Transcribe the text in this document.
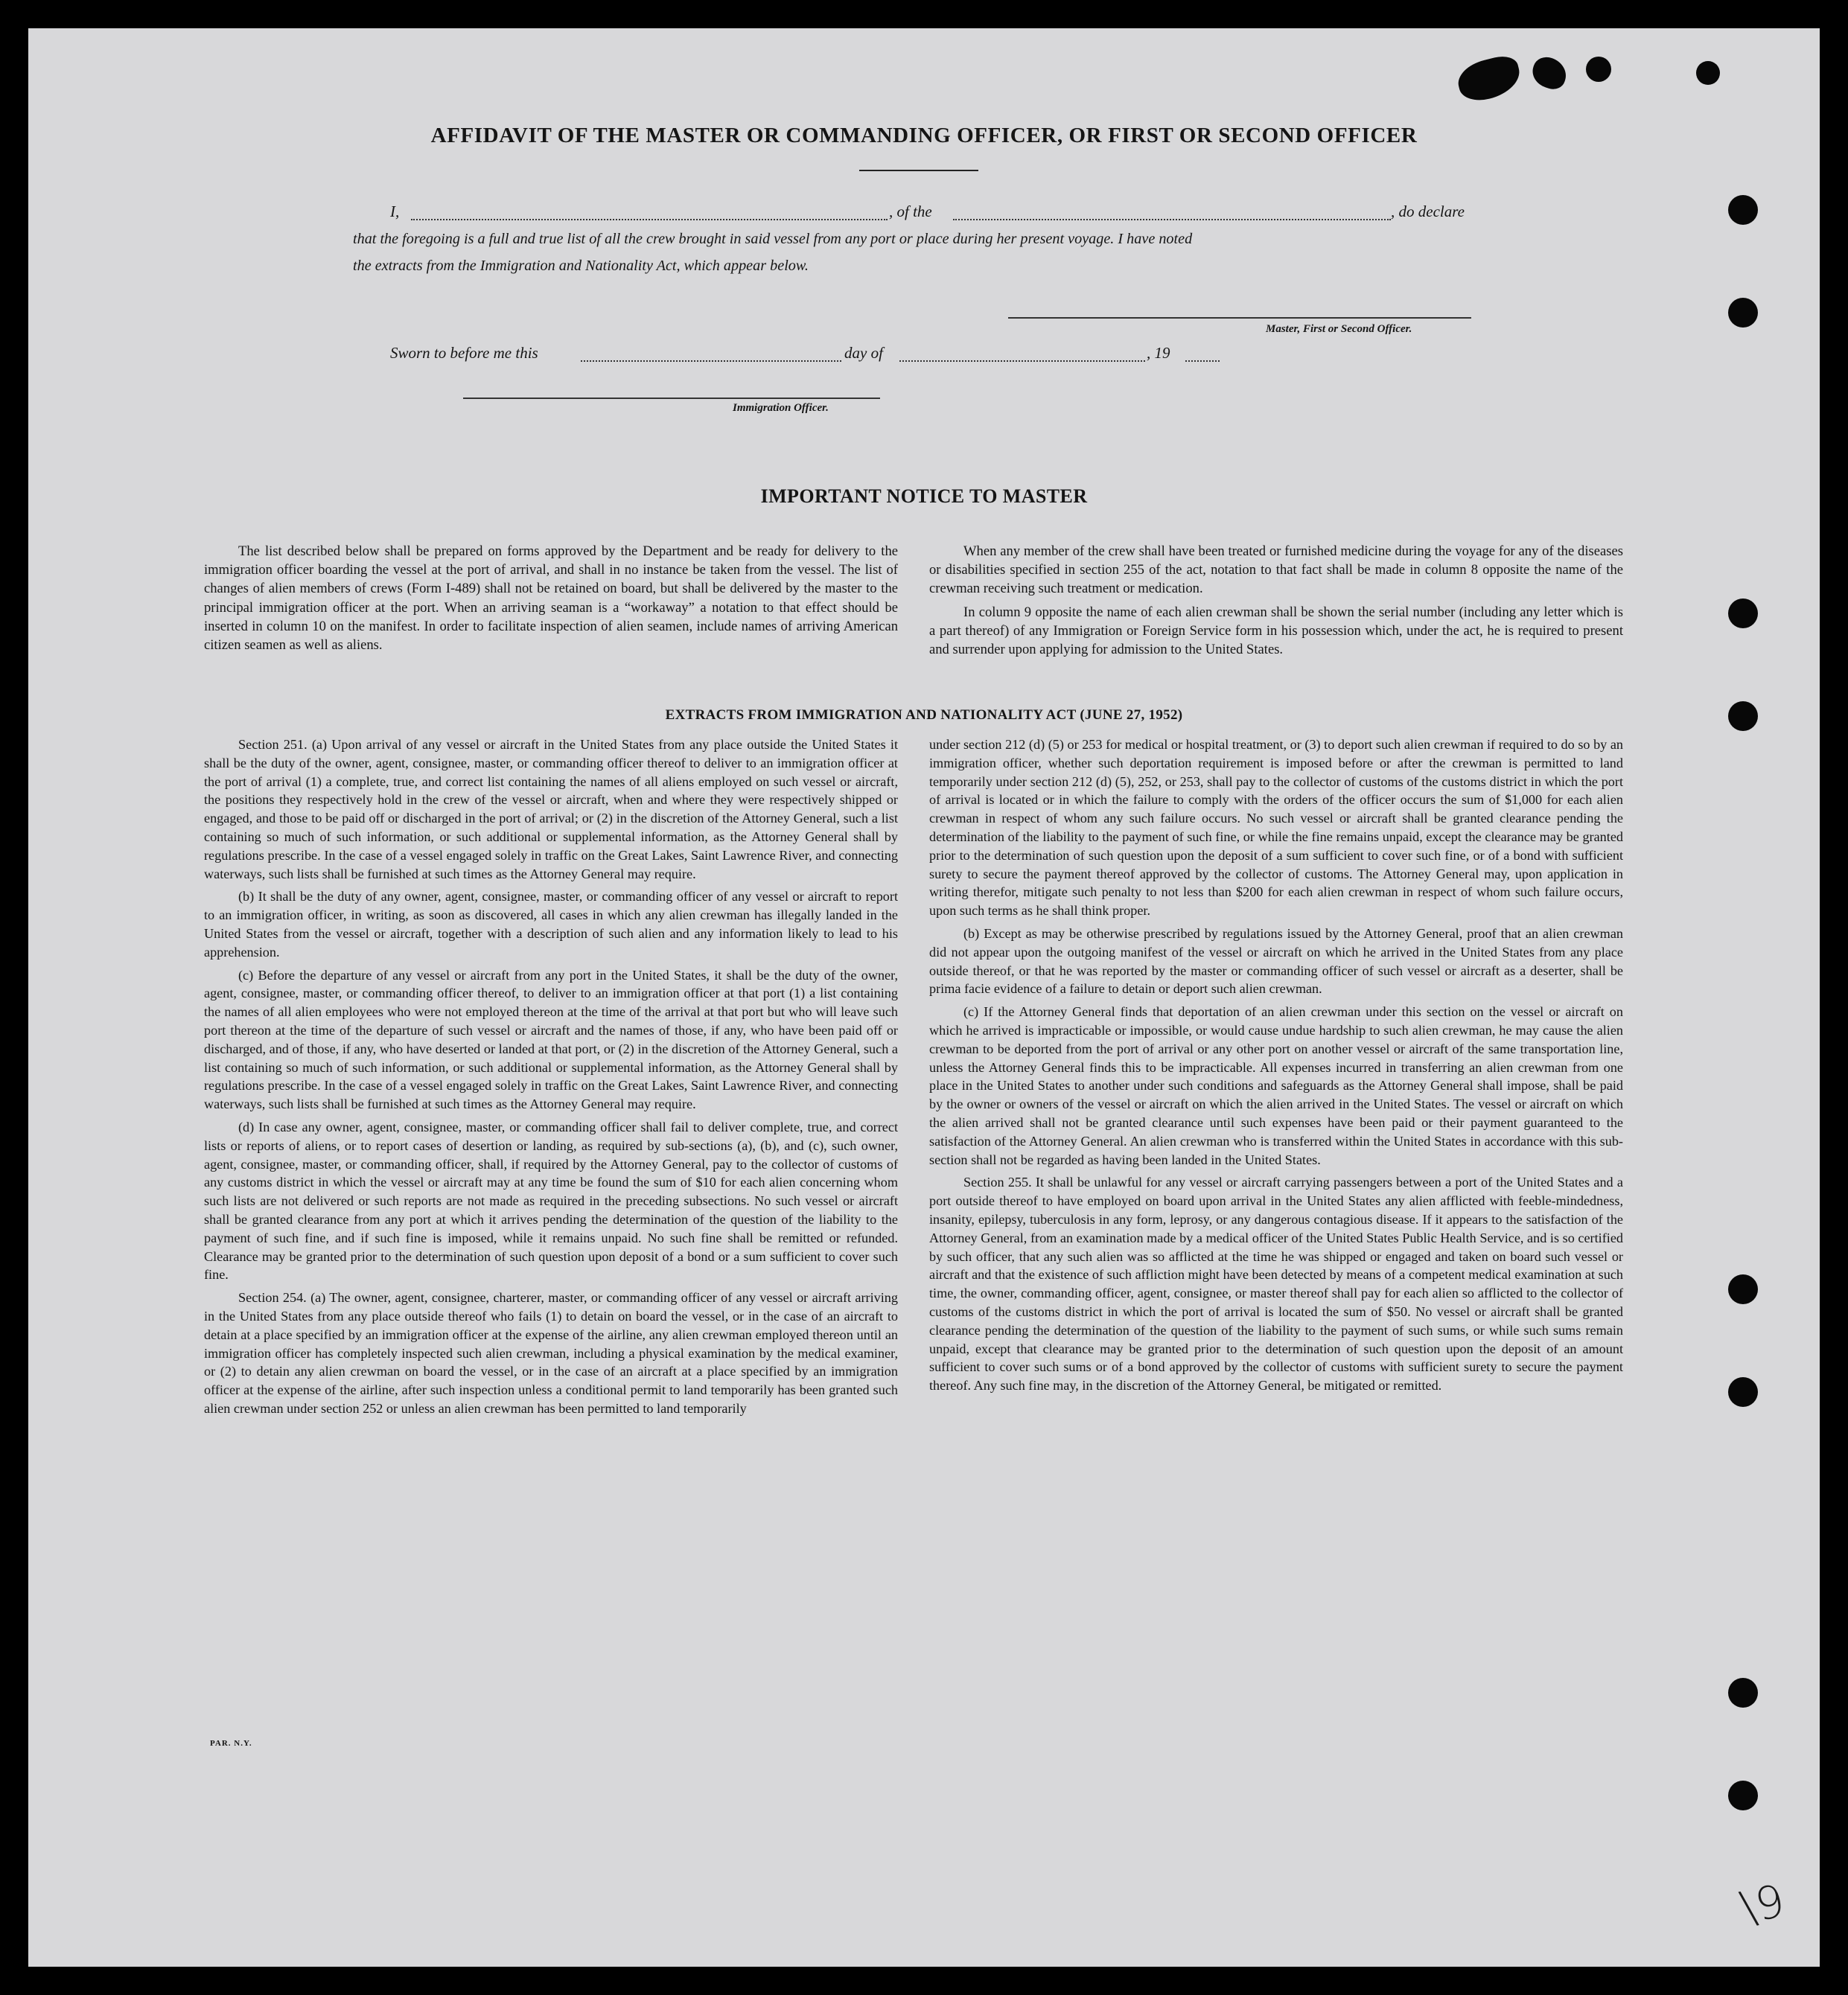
AFFIDAVIT OF THE MASTER OR COMMANDING OFFICER, OR FIRST OR SECOND OFFICER
I,	, of the	, do declare
that the foregoing is a full and true list of all the crew brought in said vessel from any port or place during her present voyage. I have noted
the extracts from the Immigration and Nationality Act, which appear below.
Master, First or Second Officer.
Sworn to before me this	day of	, 19
Immigration Officer.
IMPORTANT NOTICE TO MASTER

The list described below shall be prepared on forms approved by the Department and be ready for delivery to the immigration officer boarding the vessel at the port of arrival, and shall in no instance be taken from the vessel. The list of changes of alien members of crews (Form I-489) shall not be retained on board, but shall be delivered by the master to the principal immigration officer at the port. When an arriving seaman is a “workaway” a notation to that effect should be inserted in column 10 on the manifest. In order to facilitate inspection of alien seamen, include names of arriving American citizen seamen as well as aliens.

When any member of the crew shall have been treated or furnished medicine during the voyage for any of the diseases or disabilities specified in section 255 of the act, notation to that fact shall be made in column 8 opposite the name of the crewman receiving such treatment or medication.

In column 9 opposite the name of each alien crewman shall be shown the serial number (including any letter which is a part thereof) of any Immigration or Foreign Service form in his possession which, under the act, he is required to present and surrender upon applying for admission to the United States.

EXTRACTS FROM IMMIGRATION AND NATIONALITY ACT (JUNE 27, 1952)

Section 251. (a) Upon arrival of any vessel or aircraft in the United States from any place outside the United States it shall be the duty of the owner, agent, consignee, master, or commanding officer thereof to deliver to an immigration officer at the port of arrival (1) a complete, true, and correct list containing the names of all aliens employed on such vessel or aircraft, the positions they respectively hold in the crew of the vessel or aircraft, when and where they were respectively shipped or engaged, and those to be paid off or discharged in the port of arrival; or (2) in the discretion of the Attorney General, such a list containing so much of such information, or such additional or supplemental information, as the Attorney General shall by regulations prescribe. In the case of a vessel engaged solely in traffic on the Great Lakes, Saint Lawrence River, and connecting waterways, such lists shall be furnished at such times as the Attorney General may require.

(b) It shall be the duty of any owner, agent, consignee, master, or commanding officer of any vessel or aircraft to report to an immigration officer, in writing, as soon as discovered, all cases in which any alien crewman has illegally landed in the United States from the vessel or aircraft, together with a description of such alien and any information likely to lead to his apprehension.

(c) Before the departure of any vessel or aircraft from any port in the United States, it shall be the duty of the owner, agent, consignee, master, or commanding officer thereof, to deliver to an immigration officer at that port (1) a list containing the names of all alien employees who were not employed thereon at the time of the arrival at that port but who will leave such port thereon at the time of the departure of such vessel or aircraft and the names of those, if any, who have been paid off or discharged, and of those, if any, who have deserted or landed at that port, or (2) in the discretion of the Attorney General, such a list containing so much of such information, or such additional or supplemental information, as the Attorney General shall by regulations prescribe. In the case of a vessel engaged solely in traffic on the Great Lakes, Saint Lawrence River, and connecting waterways, such lists shall be furnished at such times as the Attorney General may require.

(d) In case any owner, agent, consignee, master, or commanding officer shall fail to deliver complete, true, and correct lists or reports of aliens, or to report cases of desertion or landing, as required by sub-sections (a), (b), and (c), such owner, agent, consignee, master, or commanding officer, shall, if required by the Attorney General, pay to the collector of customs of any customs district in which the vessel or aircraft may at any time be found the sum of $10 for each alien concerning whom such lists are not delivered or such reports are not made as required in the preceding subsections. No such vessel or aircraft shall be granted clearance from any port at which it arrives pending the determination of the question of the liability to the payment of such fine, and if such fine is imposed, while it remains unpaid. No such fine shall be remitted or refunded. Clearance may be granted prior to the determination of such question upon deposit of a bond or a sum sufficient to cover such fine.

Section 254. (a) The owner, agent, consignee, charterer, master, or commanding officer of any vessel or aircraft arriving in the United States from any place outside thereof who fails (1) to detain on board the vessel, or in the case of an aircraft to detain at a place specified by an immigration officer at the expense of the airline, any alien crewman employed thereon until an immigration officer has completely inspected such alien crewman, including a physical examination by the medical examiner, or (2) to detain any alien crewman on board the vessel, or in the case of an aircraft at a place specified by an immigration officer at the expense of the airline, after such inspection unless a conditional permit to land temporarily has been granted such alien crewman under section 252 or unless an alien crewman has been permitted to land temporarily

under section 212 (d) (5) or 253 for medical or hospital treatment, or (3) to deport such alien crewman if required to do so by an immigration officer, whether such deportation requirement is imposed before or after the crewman is permitted to land temporarily under section 212 (d) (5), 252, or 253, shall pay to the collector of customs of the customs district in which the port of arrival is located or in which the failure to comply with the orders of the officer occurs the sum of $1,000 for each alien crewman in respect of whom any such failure occurs. No such vessel or aircraft shall be granted clearance pending the determination of the liability to the payment of such fine, or while the fine remains unpaid, except the clearance may be granted prior to the determination of such question upon the deposit of a sum sufficient to cover such fine, or of a bond with sufficient surety to secure the payment thereof approved by the collector of customs. The Attorney General may, upon application in writing therefor, mitigate such penalty to not less than $200 for each alien crewman in respect of whom such failure occurs, upon such terms as he shall think proper.

(b) Except as may be otherwise prescribed by regulations issued by the Attorney General, proof that an alien crewman did not appear upon the outgoing manifest of the vessel or aircraft on which he arrived in the United States from any place outside thereof, or that he was reported by the master or commanding officer of such vessel or aircraft as a deserter, shall be prima facie evidence of a failure to detain or deport such alien crewman.

(c) If the Attorney General finds that deportation of an alien crewman under this section on the vessel or aircraft on which he arrived is impracticable or impossible, or would cause undue hardship to such alien crewman, he may cause the alien crewman to be deported from the port of arrival or any other port on another vessel or aircraft of the same transportation line, unless the Attorney General finds this to be impracticable. All expenses incurred in transferring an alien crewman from one place in the United States to another under such conditions and safeguards as the Attorney General shall impose, shall be paid by the owner or owners of the vessel or aircraft on which the alien arrived in the United States. The vessel or aircraft on which the alien arrived shall not be granted clearance until such expenses have been paid or their payment guaranteed to the satisfaction of the Attorney General. An alien crewman who is transferred within the United States in accordance with this sub-section shall not be regarded as having been landed in the United States.

Section 255. It shall be unlawful for any vessel or aircraft carrying passengers between a port of the United States and a port outside thereof to have employed on board upon arrival in the United States any alien afflicted with feeble-mindedness, insanity, epilepsy, tuberculosis in any form, leprosy, or any dangerous contagious disease. If it appears to the satisfaction of the Attorney General, from an examination made by a medical officer of the United States Public Health Service, and is so certified by such officer, that any such alien was so afflicted at the time he was shipped or engaged and taken on board such vessel or aircraft and that the existence of such affliction might have been detected by means of a competent medical examination at such time, the owner, commanding officer, agent, consignee, or master thereof shall pay for each alien so afflicted to the collector of customs of the customs district in which the port of arrival is located the sum of $50. No vessel or aircraft shall be granted clearance pending the determination of the question of the liability to the payment of such sums, or while such sums remain unpaid, except that clearance may be granted prior to the determination of such question upon the deposit of an amount sufficient to cover such sums or of a bond approved by the collector of customs with sufficient surety to secure the payment thereof. Any such fine may, in the discretion of the Attorney General, be mitigated or remitted.

PAR. N.Y.
\9
